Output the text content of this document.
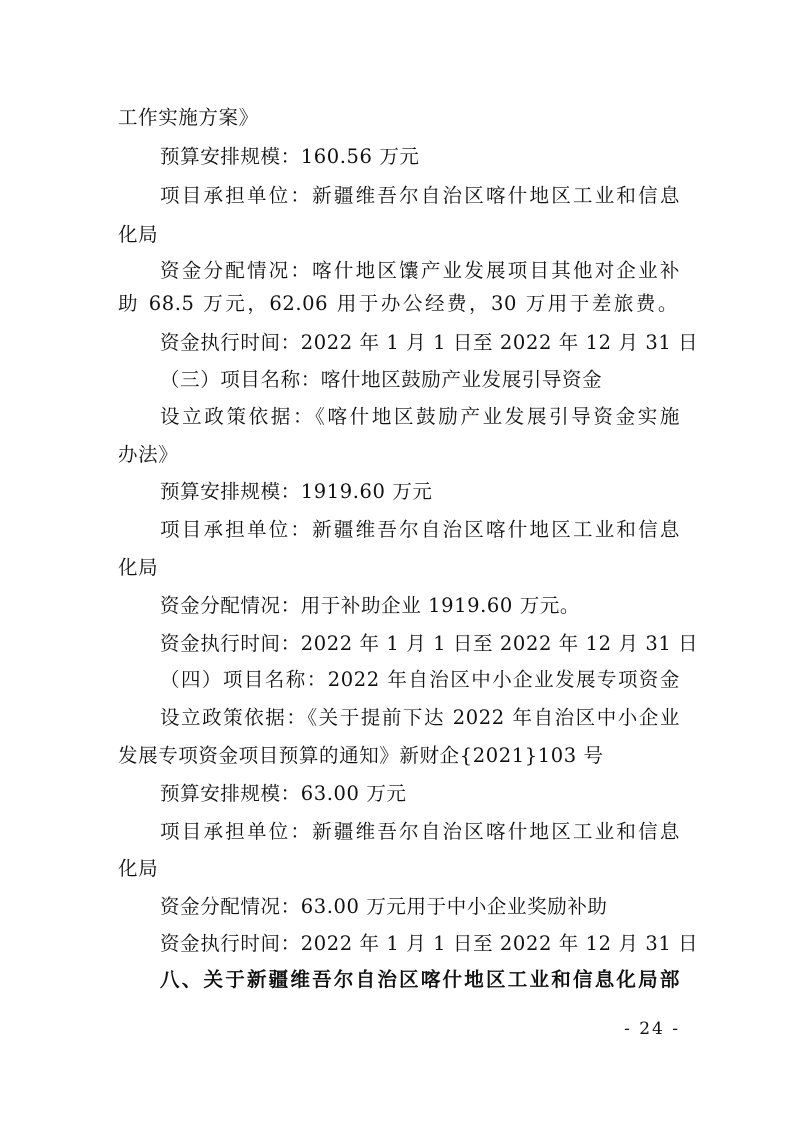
工作实施方案》
预算安排规模：160.56 万元
项目承担单位：新疆维吾尔自治区喀什地区工业和信息
化局
资金分配情况：喀什地区馕产业发展项目其他对企业补
助 68.5 万元，62.06 用于办公经费，30 万用于差旅费。
资金执行时间：2022 年 1 月 1 日至 2022 年 12 月 31 日
（三）项目名称：喀什地区鼓励产业发展引导资金
设立政策依据：《喀什地区鼓励产业发展引导资金实施
办法》
预算安排规模：1919.60 万元
项目承担单位：新疆维吾尔自治区喀什地区工业和信息
化局
资金分配情况：用于补助企业 1919.60 万元。
资金执行时间：2022 年 1 月 1 日至 2022 年 12 月 31 日
（四）项目名称：2022 年自治区中小企业发展专项资金
设立政策依据：《关于提前下达 2022 年自治区中小企业
发展专项资金项目预算的通知》新财企{2021}103 号
预算安排规模：63.00 万元
项目承担单位：新疆维吾尔自治区喀什地区工业和信息
化局
资金分配情况：63.00 万元用于中小企业奖励补助
资金执行时间：2022 年 1 月 1 日至 2022 年 12 月 31 日
八、关于新疆维吾尔自治区喀什地区工业和信息化局部
- 24 -
